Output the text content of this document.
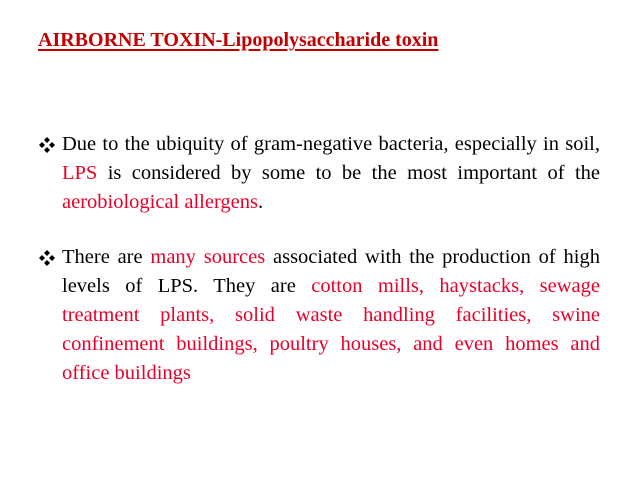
AIRBORNE TOXIN-Lipopolysaccharide toxin
Due to the ubiquity of gram-negative bacteria, especially in soil, LPS is considered by some to be the most important of the aerobiological allergens.
There are many sources associated with the production of high levels of LPS. They are cotton mills, haystacks, sewage treatment plants, solid waste handling facilities, swine confinement buildings, poultry houses, and even homes and office buildings
